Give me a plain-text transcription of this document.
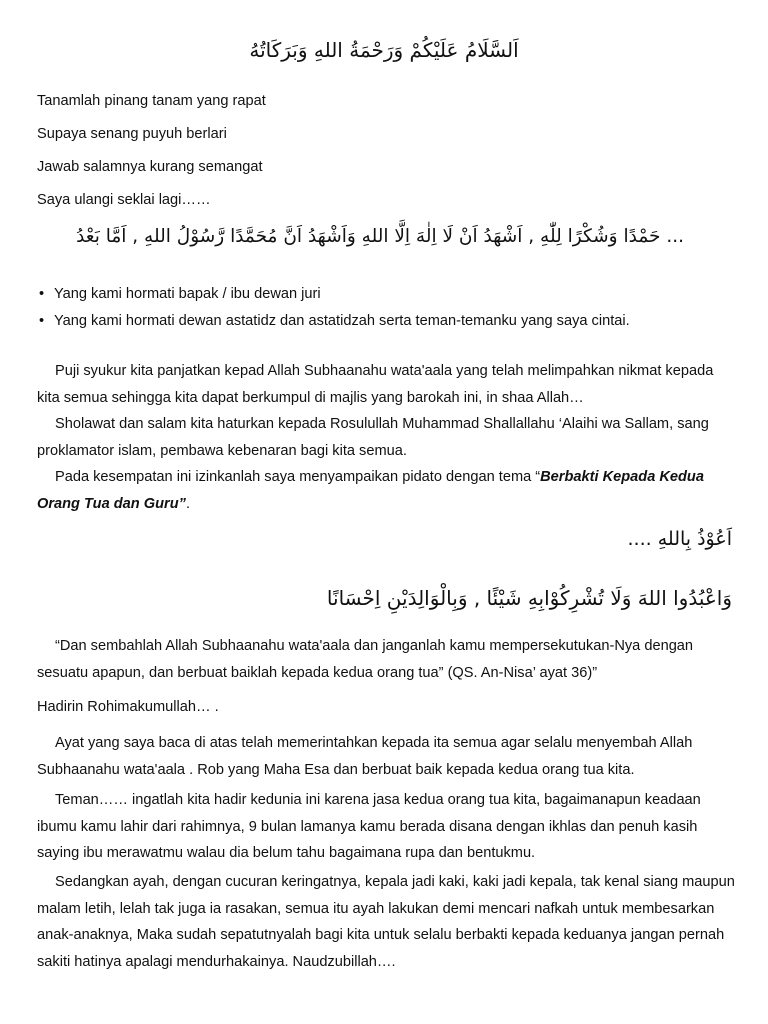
اَلسَّلَامُ عَلَيْكُمْ وَرَحْمَةُ اللهِ وَبَرَكَاتُهُ
Tanamlah pinang tanam yang rapat
Supaya senang puyuh berlari
Jawab salamnya kurang semangat
Saya ulangi seklai lagi……
... حَمْدًا وَشُكْرًا لِلّٰهِ , اَشْهَدُ اَنْ لَا اِلٰهَ اِلَّا اللهِ وَاَشْهَدُ اَنَّ مُحَمَّدًا رَّسُوْلُ اللهِ , اَمَّا بَعْدُ
• Yang kami hormati bapak / ibu dewan juri
• Yang kami hormati dewan astatidz dan astatidzah serta teman-temanku yang saya cintai.

Puji syukur kita panjatkan kepad Allah Subhaanahu wata'aala yang telah melimpahkan nikmat kepada kita semua sehingga kita dapat berkumpul di majlis yang barokah ini, in shaa Allah…

Sholawat dan salam kita haturkan kepada Rosulullah Muhammad Shallallahu ‘Alaihi wa Sallam, sang proklamator islam, pembawa kebenaran bagi kita semua.

Pada kesempatan ini izinkanlah saya menyampaikan pidato dengan tema “Berbakti Kepada Kedua Orang Tua dan Guru”.

اَعُوْذُ بِاللهِ ....
وَاعْبُدُوا اللهَ وَلَا تُشْرِكُوْابِهِ شَيْئًا , وَبِالْوَالِدَيْنِ اِحْسَانًا

“Dan sembahlah Allah Subhaanahu wata'aala dan janganlah kamu mempersekutukan-Nya dengan sesuatu apapun, dan berbuat baiklah kepada kedua orang tua” (QS. An-Nisa’ ayat 36)”

Hadirin Rohimakumullah… .

Ayat yang saya baca di atas telah memerintahkan kepada ita semua agar selalu menyembah Allah Subhaanahu wata'aala . Rob yang Maha Esa dan berbuat baik kepada kedua orang tua kita.

Teman…… ingatlah kita hadir kedunia ini karena jasa kedua orang tua kita, bagaimanapun keadaan ibumu kamu lahir dari rahimnya, 9 bulan lamanya kamu berada disana dengan ikhlas dan penuh kasih saying ibu merawatmu walau dia belum tahu bagaimana rupa dan bentukmu.

Sedangkan ayah, dengan cucuran keringatnya, kepala jadi kaki, kaki jadi kepala, tak kenal siang maupun malam letih, lelah tak juga ia rasakan, semua itu ayah lakukan demi mencari nafkah untuk membesarkan anak-anaknya, Maka sudah sepatutnyalah bagi kita untuk selalu berbakti kepada keduanya jangan pernah sakiti hatinya apalagi mendurhakainya. Naudzubillah….
